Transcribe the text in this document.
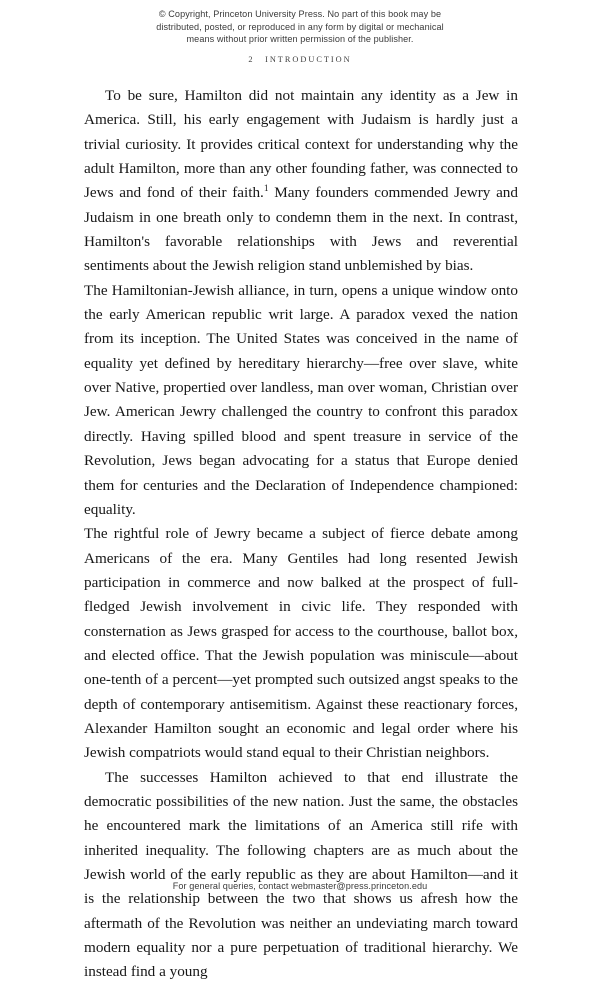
© Copyright, Princeton University Press. No part of this book may be
distributed, posted, or reproduced in any form by digital or mechanical
means without prior written permission of the publisher.
2 INTRODUCTION

To be sure, Hamilton did not maintain any identity as a Jew in America. Still, his early engagement with Judaism is hardly just a trivial curiosity. It provides critical context for understanding why the adult Hamilton, more than any other founding father, was connected to Jews and fond of their faith.$^1$ Many founders commended Jewry and Judaism in one breath only to condemn them in the next. In contrast, Hamilton's favorable relationships with Jews and reverential sentiments about the Jewish religion stand unblemished by bias.

The Hamiltonian-Jewish alliance, in turn, opens a unique window onto the early American republic writ large. A paradox vexed the nation from its inception. The United States was conceived in the name of equality yet defined by hereditary hierarchy—free over slave, white over Native, propertied over landless, man over woman, Christian over Jew. American Jewry challenged the country to confront this paradox directly. Having spilled blood and spent treasure in service of the Revolution, Jews began advocating for a status that Europe denied them for centuries and the Declaration of Independence championed: equality.

The rightful role of Jewry became a subject of fierce debate among Americans of the era. Many Gentiles had long resented Jewish participation in commerce and now balked at the prospect of full-fledged Jewish involvement in civic life. They responded with consternation as Jews grasped for access to the courthouse, ballot box, and elected office. That the Jewish population was miniscule—about one-tenth of a percent—yet prompted such outsized angst speaks to the depth of contemporary antisemitism. Against these reactionary forces, Alexander Hamilton sought an economic and legal order where his Jewish compatriots would stand equal to their Christian neighbors.

The successes Hamilton achieved to that end illustrate the democratic possibilities of the new nation. Just the same, the obstacles he encountered mark the limitations of an America still rife with inherited inequality. The following chapters are as much about the Jewish world of the early republic as they are about Hamilton—and it is the relationship between the two that shows us afresh how the aftermath of the Revolution was neither an undeviating march toward modern equality nor a pure perpetuation of traditional hierarchy. We instead find a young

For general queries, contact webmaster@press.princeton.edu
